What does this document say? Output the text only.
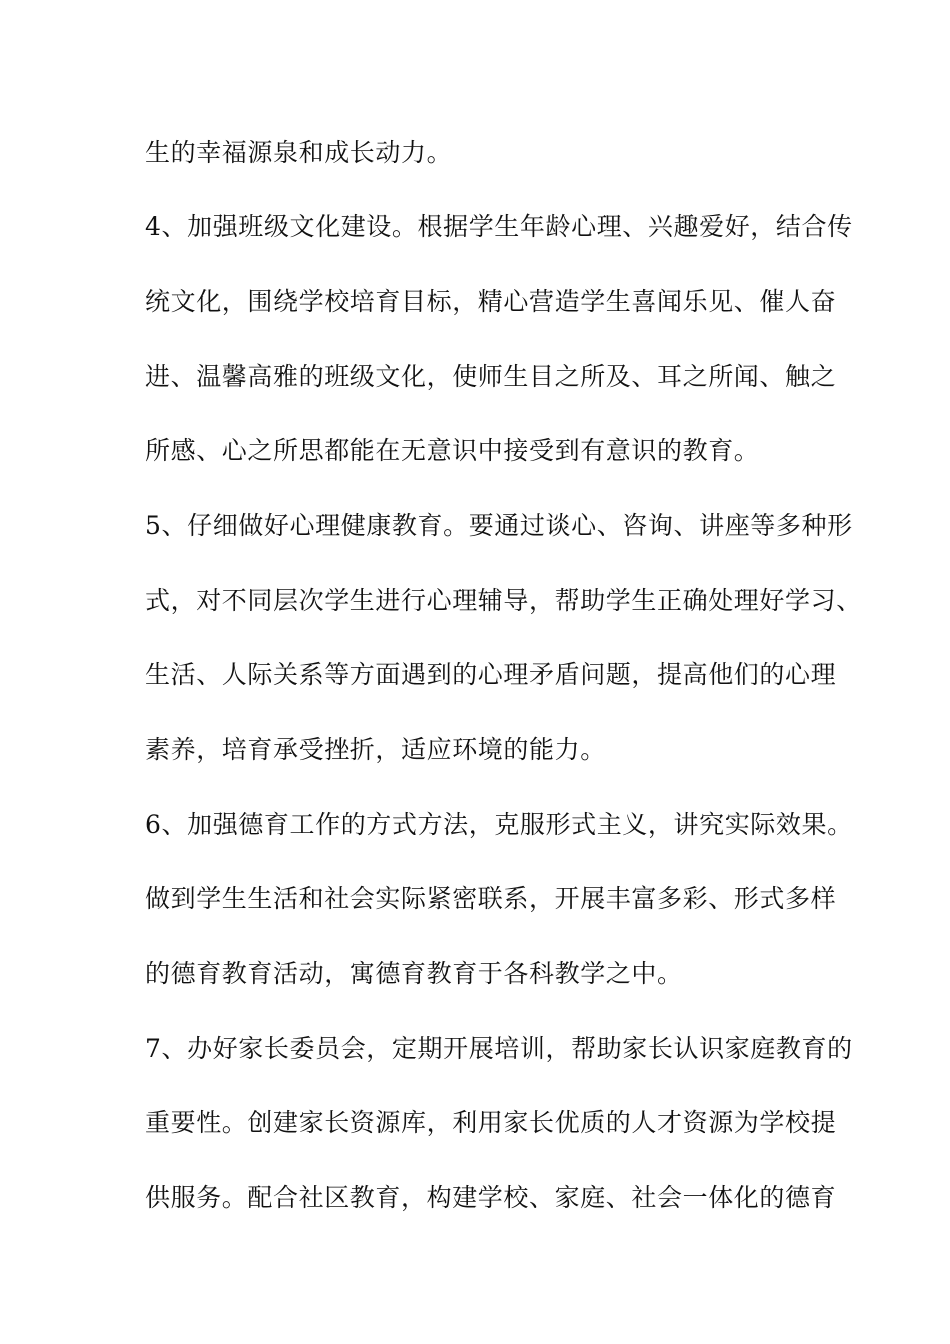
生的幸福源泉和成长动力。
4、加强班级文化建设。根据学生年龄心理、兴趣爱好，结合传
统文化，围绕学校培育目标，精心营造学生喜闻乐见、催人奋
进、温馨高雅的班级文化，使师生目之所及、耳之所闻、触之
所感、心之所思都能在无意识中接受到有意识的教育。
5、仔细做好心理健康教育。要通过谈心、咨询、讲座等多种形
式，对不同层次学生进行心理辅导，帮助学生正确处理好学习、
生活、人际关系等方面遇到的心理矛盾问题，提高他们的心理
素养，培育承受挫折，适应环境的能力。
6、加强德育工作的方式方法，克服形式主义，讲究实际效果。
做到学生生活和社会实际紧密联系，开展丰富多彩、形式多样
的德育教育活动，寓德育教育于各科教学之中。
7、办好家长委员会，定期开展培训，帮助家长认识家庭教育的
重要性。创建家长资源库，利用家长优质的人才资源为学校提
供服务。配合社区教育，构建学校、家庭、社会一体化的德育
